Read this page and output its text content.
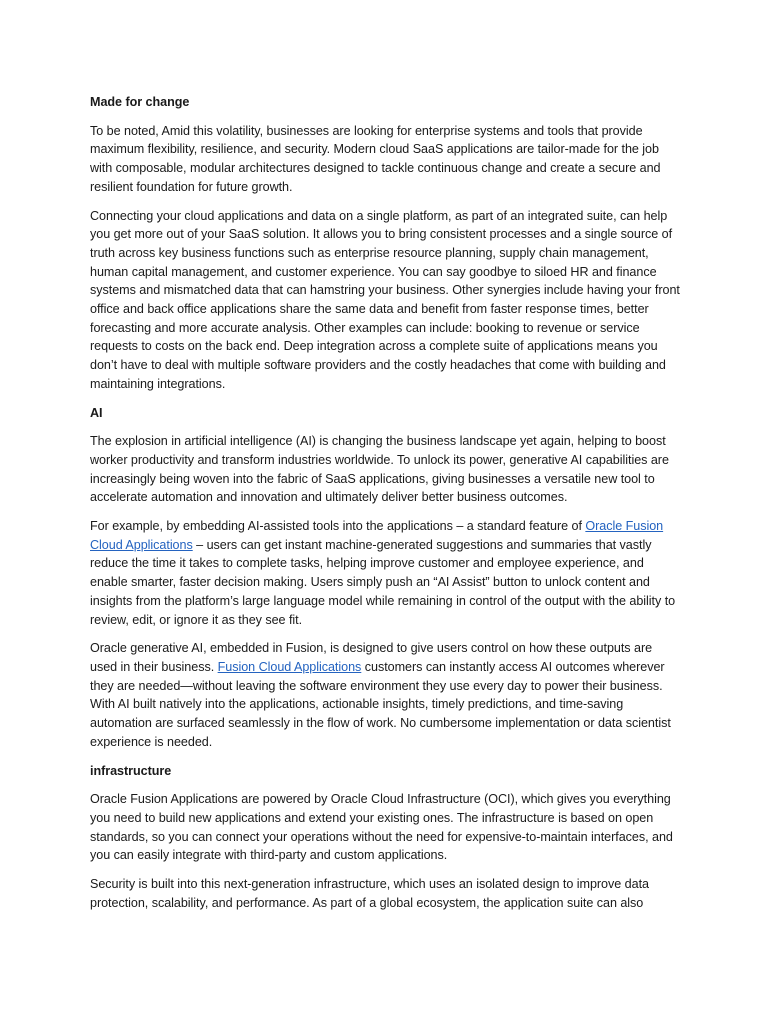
Made for change

To be noted, Amid this volatility, businesses are looking for enterprise systems and tools that provide maximum flexibility, resilience, and security. Modern cloud SaaS applications are tailor-made for the job with composable, modular architectures designed to tackle continuous change and create a secure and resilient foundation for future growth.

Connecting your cloud applications and data on a single platform, as part of an integrated suite, can help you get more out of your SaaS solution. It allows you to bring consistent processes and a single source of truth across key business functions such as enterprise resource planning, supply chain management, human capital management, and customer experience. You can say goodbye to siloed HR and finance systems and mismatched data that can hamstring your business. Other synergies include having your front office and back office applications share the same data and benefit from faster response times, better forecasting and more accurate analysis. Other examples can include: booking to revenue or service requests to costs on the back end. Deep integration across a complete suite of applications means you don’t have to deal with multiple software providers and the costly headaches that come with building and maintaining integrations.

AI

The explosion in artificial intelligence (AI) is changing the business landscape yet again, helping to boost worker productivity and transform industries worldwide. To unlock its power, generative AI capabilities are increasingly being woven into the fabric of SaaS applications, giving businesses a versatile new tool to accelerate automation and innovation and ultimately deliver better business outcomes.

For example, by embedding AI-assisted tools into the applications – a standard feature of Oracle Fusion Cloud Applications – users can get instant machine-generated suggestions and summaries that vastly reduce the time it takes to complete tasks, helping improve customer and employee experience, and enable smarter, faster decision making. Users simply push an “AI Assist” button to unlock content and insights from the platform’s large language model while remaining in control of the output with the ability to review, edit, or ignore it as they see fit.

Oracle generative AI, embedded in Fusion, is designed to give users control on how these outputs are used in their business. Fusion Cloud Applications customers can instantly access AI outcomes wherever they are needed—without leaving the software environment they use every day to power their business. With AI built natively into the applications, actionable insights, timely predictions, and time-saving automation are surfaced seamlessly in the flow of work. No cumbersome implementation or data scientist experience is needed.

infrastructure

Oracle Fusion Applications are powered by Oracle Cloud Infrastructure (OCI), which gives you everything you need to build new applications and extend your existing ones. The infrastructure is based on open standards, so you can connect your operations without the need for expensive-to-maintain interfaces, and you can easily integrate with third-party and custom applications.

Security is built into this next-generation infrastructure, which uses an isolated design to improve data protection, scalability, and performance. As part of a global ecosystem, the application suite can also
